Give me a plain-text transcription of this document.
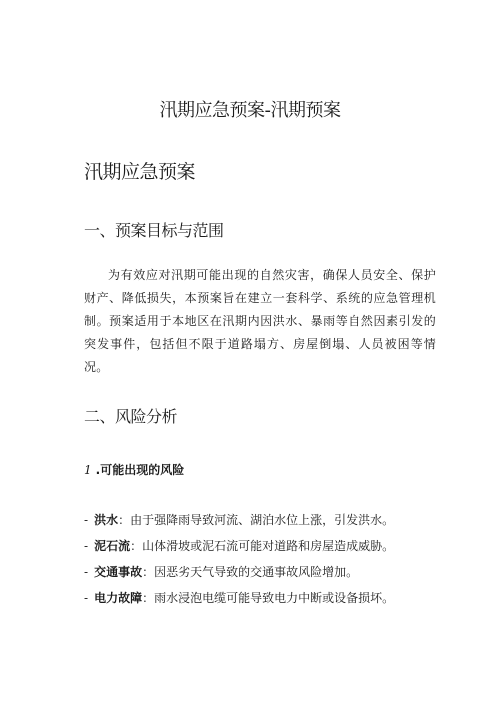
汛期应急预案-汛期预案
汛期应急预案
一、预案目标与范围
为有效应对汛期可能出现的自然灾害，确保人员安全、保护财产、降低损失，本预案旨在建立一套科学、系统的应急管理机制。预案适用于本地区在汛期内因洪水、暴雨等自然因素引发的突发事件，包括但不限于道路塌方、房屋倒塌、人员被困等情况。
二、风险分析
1 .可能出现的风险
- 洪水：由于强降雨导致河流、湖泊水位上涨，引发洪水。
- 泥石流：山体滑坡或泥石流可能对道路和房屋造成威胁。
- 交通事故：因恶劣天气导致的交通事故风险增加。
- 电力故障：雨水浸泡电缆可能导致电力中断或设备损坏。
